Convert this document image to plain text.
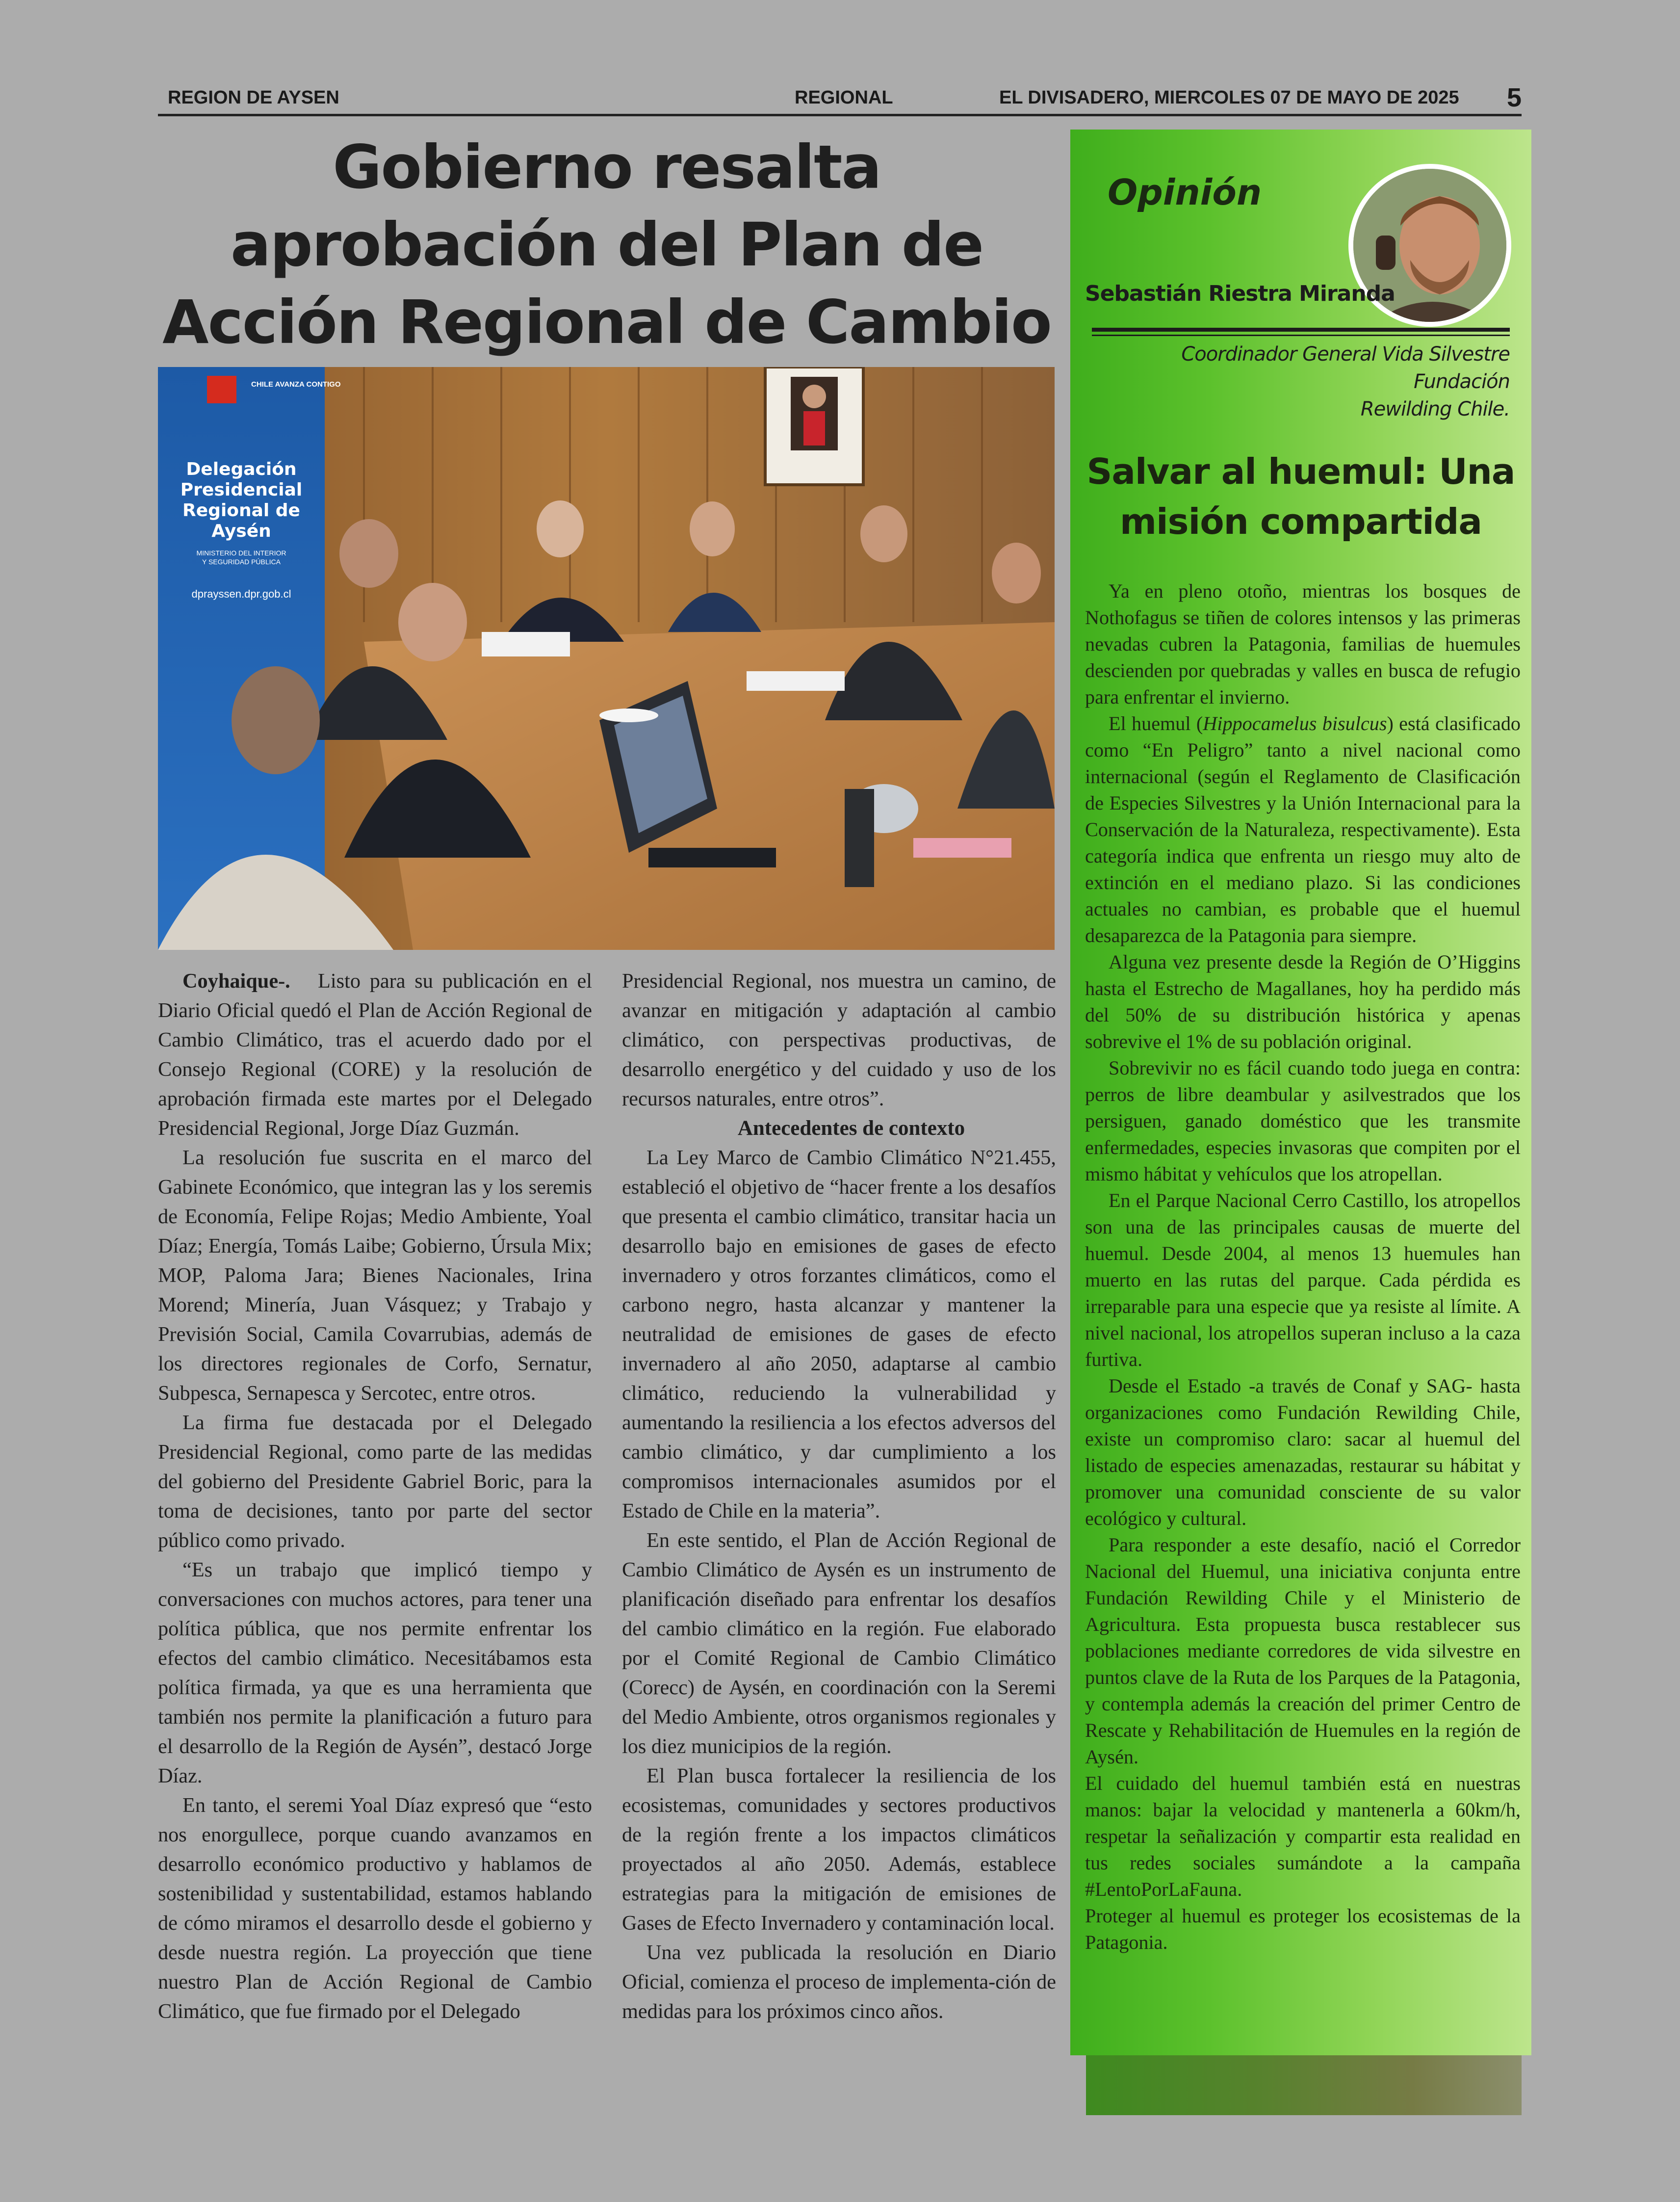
REGION DE AYSEN	REGIONAL	EL DIVISADERO, MIERCOLES 07 DE MAYO DE 2025 5
Gobierno resalta aprobación del Plan de Acción Regional de Cambio
CHILE AVANZA CONTIGO
Delegación
Presidencial
Regional de
Aysén
MINISTERIO DEL INTERIOR
Y SEGURIDAD PÚBLICA
dprayssen.dpr.gob.cl

Coyhaique-. Listo para su publicación en el Diario Oficial quedó el Plan de Acción Regional de Cambio Climático, tras el acuerdo dado por el Consejo Regional (CORE) y la resolución de aprobación firmada este martes por el Delegado Presidencial Regional, Jorge Díaz Guzmán.

La resolución fue suscrita en el marco del Gabinete Económico, que integran las y los seremis de Economía, Felipe Rojas; Medio Ambiente, Yoal Díaz; Energía, Tomás Laibe; Gobierno, Úrsula Mix; MOP, Paloma Jara; Bienes Nacionales, Irina Morend; Minería, Juan Vásquez; y Trabajo y Previsión Social, Camila Covarrubias, además de los directores regionales de Corfo, Sernatur, Subpesca, Sernapesca y Sercotec, entre otros.

La firma fue destacada por el Delegado Presidencial Regional, como parte de las medidas del gobierno del Presidente Gabriel Boric, para la toma de decisiones, tanto por parte del sector público como privado.

“Es un trabajo que implicó tiempo y conversaciones con muchos actores, para tener una política pública, que nos permite enfrentar los efectos del cambio climático. Necesitábamos esta política firmada, ya que es una herramienta que también nos permite la planificación a futuro para el desarrollo de la Región de Aysén”, destacó Jorge Díaz.

En tanto, el seremi Yoal Díaz expresó que “esto nos enorgullece, porque cuando avanzamos en desarrollo económico productivo y hablamos de sostenibilidad y sustentabilidad, estamos hablando de cómo miramos el desarrollo desde el gobierno y desde nuestra región. La proyección que tiene nuestro Plan de Acción Regional de Cambio Climático, que fue firmado por el Delegado

Presidencial Regional, nos muestra un camino, de avanzar en mitigación y adaptación al cambio climático, con perspectivas productivas, de desarrollo energético y del cuidado y uso de los recursos naturales, entre otros”.

Antecedentes de contexto

La Ley Marco de Cambio Climático N°21.455, estableció el objetivo de “hacer frente a los desafíos que presenta el cambio climático, transitar hacia un desarrollo bajo en emisiones de gases de efecto invernadero y otros forzantes climáticos, como el carbono negro, hasta alcanzar y mantener la neutralidad de emisiones de gases de efecto invernadero al año 2050, adaptarse al cambio climático, reduciendo la vulnerabilidad y aumentando la resiliencia a los efectos adversos del cambio climático, y dar cumplimiento a los compromisos internacionales asumidos por el Estado de Chile en la materia”.

En este sentido, el Plan de Acción Regional de Cambio Climático de Aysén es un instrumento de planificación diseñado para enfrentar los desafíos del cambio climático en la región. Fue elaborado por el Comité Regional de Cambio Climático (Corecc) de Aysén, en coordinación con la Seremi del Medio Ambiente, otros organismos regionales y los diez municipios de la región.

El Plan busca fortalecer la resiliencia de los ecosistemas, comunidades y sectores productivos de la región frente a los impactos climáticos proyectados al año 2050. Además, establece estrategias para la mitigación de emisiones de Gases de Efecto Invernadero y contaminación local.

Una vez publicada la resolución en Diario Oficial, comienza el proceso de implementa-ción de medidas para los próximos cinco años.

Opinión
Sebastián Riestra Miranda

Coordinador General Vida Silvestre Fundación
Rewilding Chile.

Salvar al huemul: Una misión compartida

Ya en pleno otoño, mientras los bosques de Nothofagus se tiñen de colores intensos y las primeras nevadas cubren la Patagonia, familias de huemules descienden por quebradas y valles en busca de refugio para enfrentar el invierno.

El huemul (Hippocamelus bisulcus) está clasificado como “En Peligro” tanto a nivel nacional como internacional (según el Reglamento de Clasificación de Especies Silvestres y la Unión Internacional para la Conservación de la Naturaleza, respectivamente). Esta categoría indica que enfrenta un riesgo muy alto de extinción en el mediano plazo. Si las condiciones actuales no cambian, es probable que el huemul desaparezca de la Patagonia para siempre.

Alguna vez presente desde la Región de O’Higgins hasta el Estrecho de Magallanes, hoy ha perdido más del 50% de su distribución histórica y apenas sobrevive el 1% de su población original.

Sobrevivir no es fácil cuando todo juega en contra: perros de libre deambular y asilvestrados que los persiguen, ganado doméstico que les transmite enfermedades, especies invasoras que compiten por el mismo hábitat y vehículos que los atropellan.

En el Parque Nacional Cerro Castillo, los atropellos son una de las principales causas de muerte del huemul. Desde 2004, al menos 13 huemules han muerto en las rutas del parque. Cada pérdida es irreparable para una especie que ya resiste al límite. A nivel nacional, los atropellos superan incluso a la caza furtiva.

Desde el Estado -a través de Conaf y SAG- hasta organizaciones como Fundación Rewilding Chile, existe un compromiso claro: sacar al huemul del listado de especies amenazadas, restaurar su hábitat y promover una comunidad consciente de su valor ecológico y cultural.

Para responder a este desafío, nació el Corredor Nacional del Huemul, una iniciativa conjunta entre Fundación Rewilding Chile y el Ministerio de Agricultura. Esta propuesta busca restablecer sus poblaciones mediante corredores de vida silvestre en puntos clave de la Ruta de los Parques de la Patagonia, y contempla además la creación del primer Centro de Rescate y Rehabilitación de Huemules en la región de Aysén.

El cuidado del huemul también está en nuestras manos: bajar la velocidad y mantenerla a 60km/h, respetar la señalización y compartir esta realidad en tus redes sociales sumándote a la campaña #LentoPorLaFauna.

Proteger al huemul es proteger los ecosistemas de la Patagonia.
